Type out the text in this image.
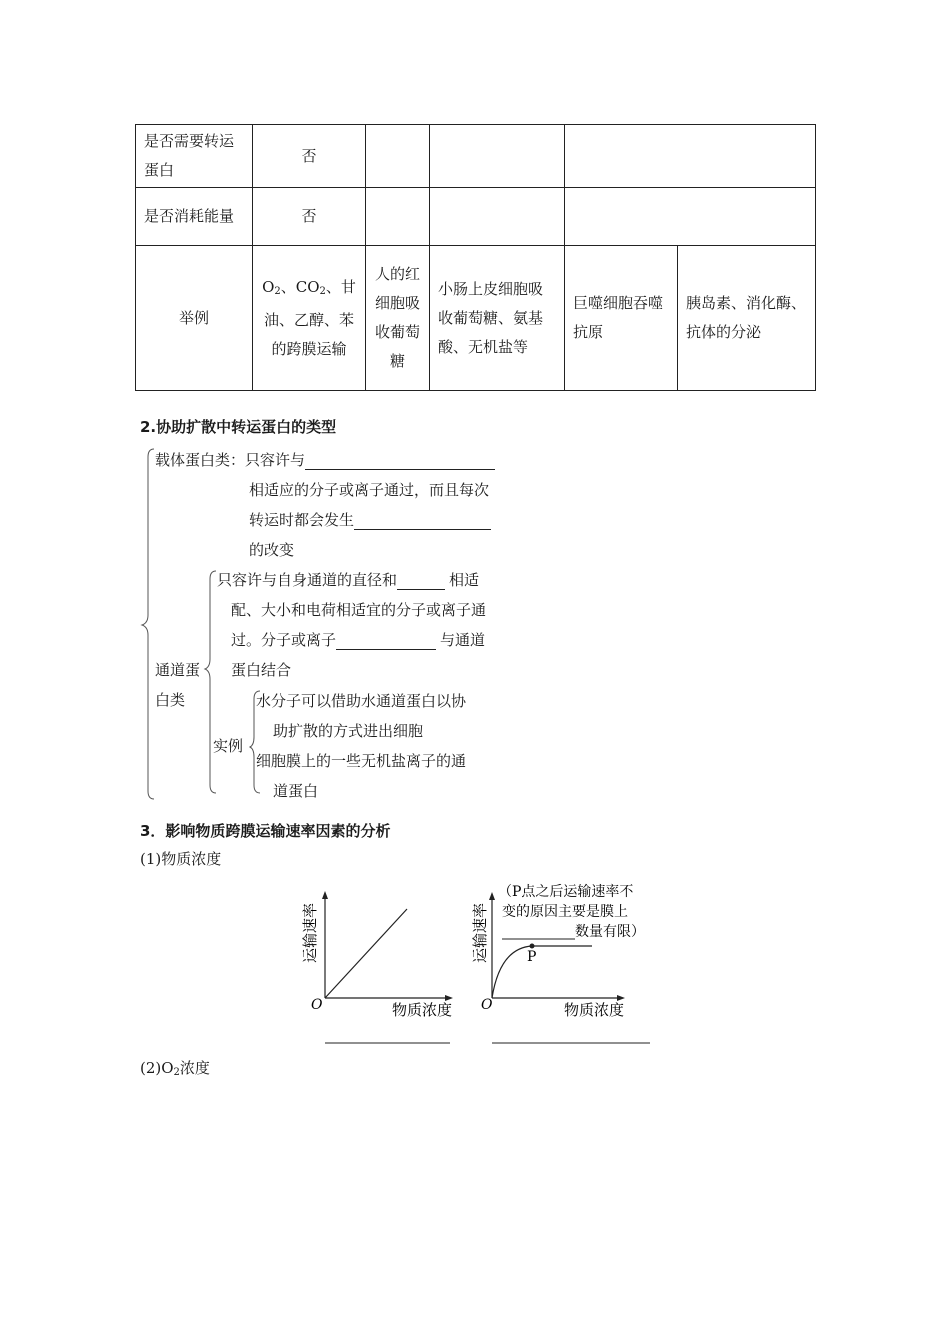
是否需要转运蛋白	否				
是否消耗能量	否				
举例	$O_2$、$CO_2$、甘油、乙醇、苯的跨膜运输	人的红细胞吸收葡萄糖	小肠上皮细胞吸收葡萄糖、氨基酸、无机盐等	巨噬细胞吞噬抗原	胰岛素、消化酶、抗体的分泌
2.协助扩散中转运蛋白的类型
载体蛋白类：只容许与
相适应的分子或离子通过，而且每次
转运时都会发生
的改变
只容许与自身通道的直径和	相适
配、大小和电荷相适宜的分子或离子通
过。分子或离子	与通道
蛋白结合
通道蛋
白类	水分子可以借助水通道蛋白以协
助扩散的方式进出细胞
实例
细胞膜上的一些无机盐离子的通
道蛋白
3．影响物质跨膜运输速率因素的分析
(1)物质浓度
O	物质浓度
运输速率	P
O	物质浓度
运输速率
（P点之后运输速率不
变的原因主要是膜上
数量有限）
$(2)O_2$浓度
